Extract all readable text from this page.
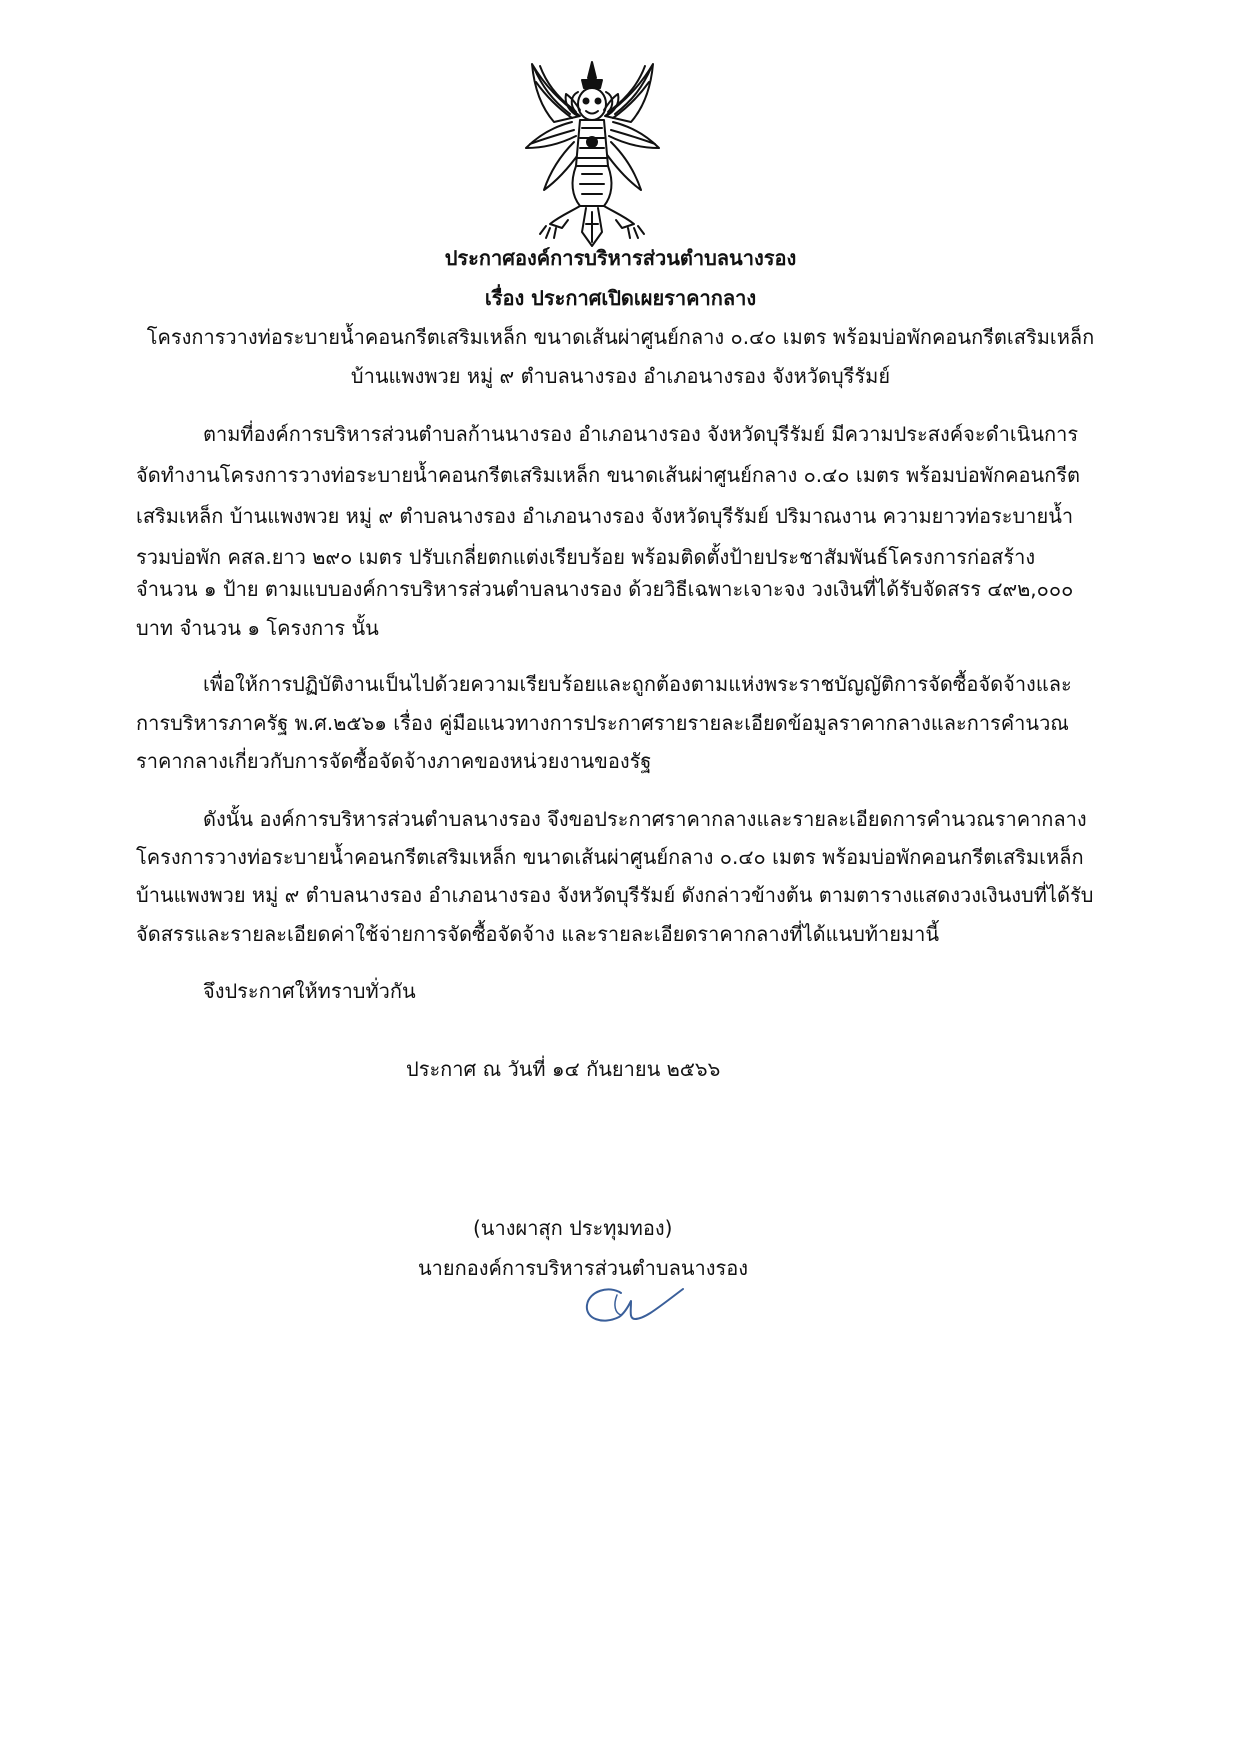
ประกาศองค์การบริหารส่วนตำบลนางรอง
เรื่อง ประกาศเปิดเผยราคากลาง
โครงการวางท่อระบายน้ำคอนกรีตเสริมเหล็ก ขนาดเส้นผ่าศูนย์กลาง ๐.๔๐ เมตร พร้อมบ่อพักคอนกรีตเสริมเหล็ก
บ้านแพงพวย หมู่ ๙ ตำบลนางรอง อำเภอนางรอง จังหวัดบุรีรัมย์
ตามที่องค์การบริหารส่วนตำบลก้านนางรอง อำเภอนางรอง จังหวัดบุรีรัมย์ มีความประสงค์จะดำเนินการ
จัดทำงานโครงการวางท่อระบายน้ำคอนกรีตเสริมเหล็ก ขนาดเส้นผ่าศูนย์กลาง ๐.๔๐ เมตร พร้อมบ่อพักคอนกรีต
เสริมเหล็ก บ้านแพงพวย หมู่ ๙ ตำบลนางรอง อำเภอนางรอง จังหวัดบุรีรัมย์ ปริมาณงาน ความยาวท่อระบายน้ำ
รวมบ่อพัก คสล.ยาว ๒๙๐ เมตร ปรับเกลี่ยตกแต่งเรียบร้อย พร้อมติดตั้งป้ายประชาสัมพันธ์โครงการก่อสร้าง
จำนวน ๑ ป้าย ตามแบบองค์การบริหารส่วนตำบลนางรอง ด้วยวิธีเฉพาะเจาะจง วงเงินที่ได้รับจัดสรร ๔๙๒,๐๐๐
บาท จำนวน ๑ โครงการ นั้น
เพื่อให้การปฏิบัติงานเป็นไปด้วยความเรียบร้อยและถูกต้องตามแห่งพระราชบัญญัติการจัดซื้อจัดจ้างและ
การบริหารภาครัฐ พ.ศ.๒๕๖๑ เรื่อง คู่มือแนวทางการประกาศรายรายละเอียดข้อมูลราคากลางและการคำนวณ
ราคากลางเกี่ยวกับการจัดซื้อจัดจ้างภาคของหน่วยงานของรัฐ
ดังนั้น องค์การบริหารส่วนตำบลนางรอง จึงขอประกาศราคากลางและรายละเอียดการคำนวณราคากลาง
โครงการวางท่อระบายน้ำคอนกรีตเสริมเหล็ก ขนาดเส้นผ่าศูนย์กลาง ๐.๔๐ เมตร พร้อมบ่อพักคอนกรีตเสริมเหล็ก
บ้านแพงพวย หมู่ ๙ ตำบลนางรอง อำเภอนางรอง จังหวัดบุรีรัมย์ ดังกล่าวข้างต้น ตามตารางแสดงวงเงินงบที่ได้รับ
จัดสรรและรายละเอียดค่าใช้จ่ายการจัดซื้อจัดจ้าง และรายละเอียดราคากลางที่ได้แนบท้ายมานี้
จึงประกาศให้ทราบทั่วกัน
ประกาศ ณ วันที่ ๑๔ กันยายน ๒๕๖๖
(นางผาสุก ประทุมทอง)
นายกองค์การบริหารส่วนตำบลนางรอง
